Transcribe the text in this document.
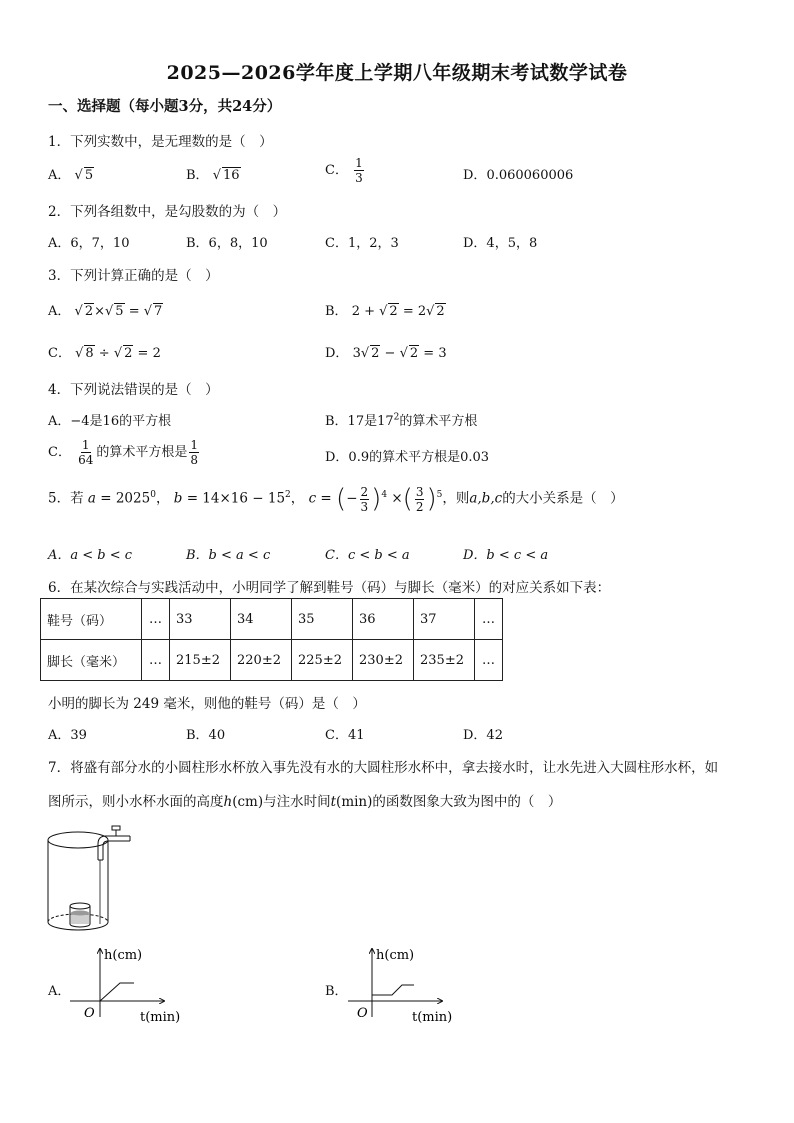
2025—2026学年度上学期八年级期末考试数学试卷
一、选择题（每小题3分，共24分）
1．下列实数中，是无理数的是（　）
A． √ 5	B． √ 16	C． $\frac{1}{3}$	D．0.060060006
2．下列各组数中，是勾股数的为（　）
A．6，7，10	B．6，8，10	C．1，2，3	D．4，5，8
3．下列计算正确的是（　）
A． √ 2×√ 5 = √ 7	B． 2 + √ 2 = 2√ 2
C． √ 8 ÷ √ 2 = 2	D． 3√ 2 − √ 2 = 3
4．下列说法错误的是（　）
A．−4是16的平方根	B．17是$17^2$的算术平方根
C． $\frac{1}{64}$ 的算术平方根是 $\frac{1}{8}$	D．0.9的算术平方根是0.03
5．若 $a = 2025^0$， $b = 14\times 16 - 15^2$， c = (− $\frac{2}{3} )^4$ ×( $\frac{3}{2} )^5$，则a,b,c的大小关系是（　）
A．a < b < c	B．b < a < c	C．c < b < a	D．b < c < a
6．在某次综合与实践活动中，小明同学了解到鞋号（码）与脚长（毫米）的对应关系如下表：
鞋号（码）	…	33	34	35	36	37	…
脚长（毫米）	…	215±2	220±2	225±2	230±2	235±2	…
小明的脚长为 249 毫米，则他的鞋号（码）是（　）
A．39	B．40	C．41	D．42
7．将盛有部分水的小圆柱形水杯放入事先没有水的大圆柱形水杯中，拿去接水时，让水先进入大圆柱形水杯，如
图所示，则小水杯水面的高度h(cm)与注水时间t(min)的函数图象大致为图中的（　）
A．
h(cm)
O	t(min)
B．
h(cm)
O	t(min)
